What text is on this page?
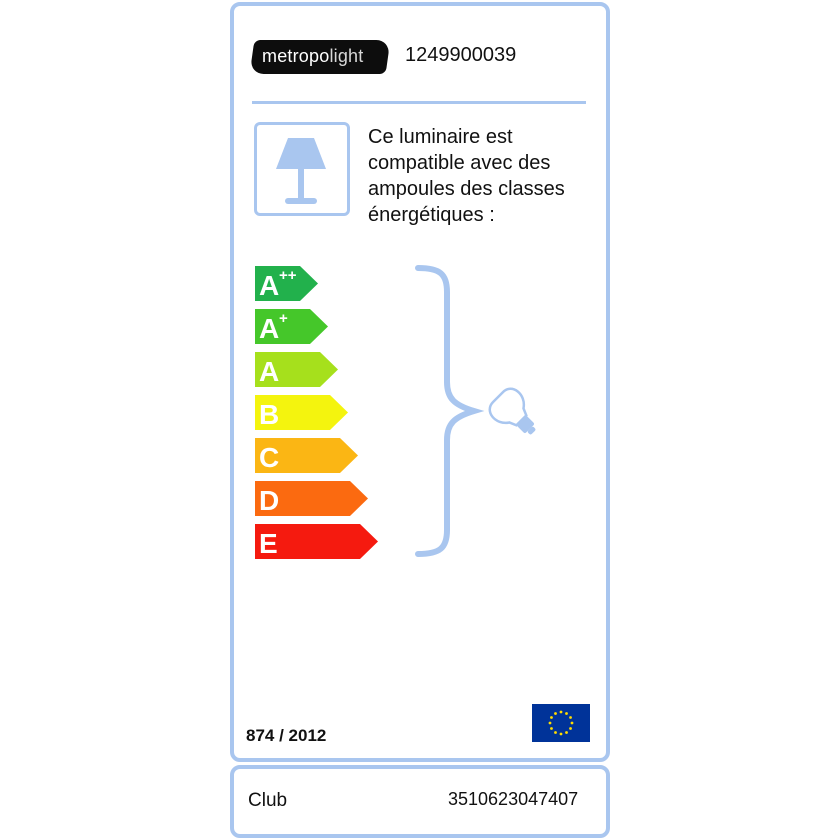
metropolight 1249900039
Ce luminaire est compatible avec des ampoules des classes énergétiques :
A ++
A +
A
B
C
D
E
874 / 2012
Club	3510623047407
